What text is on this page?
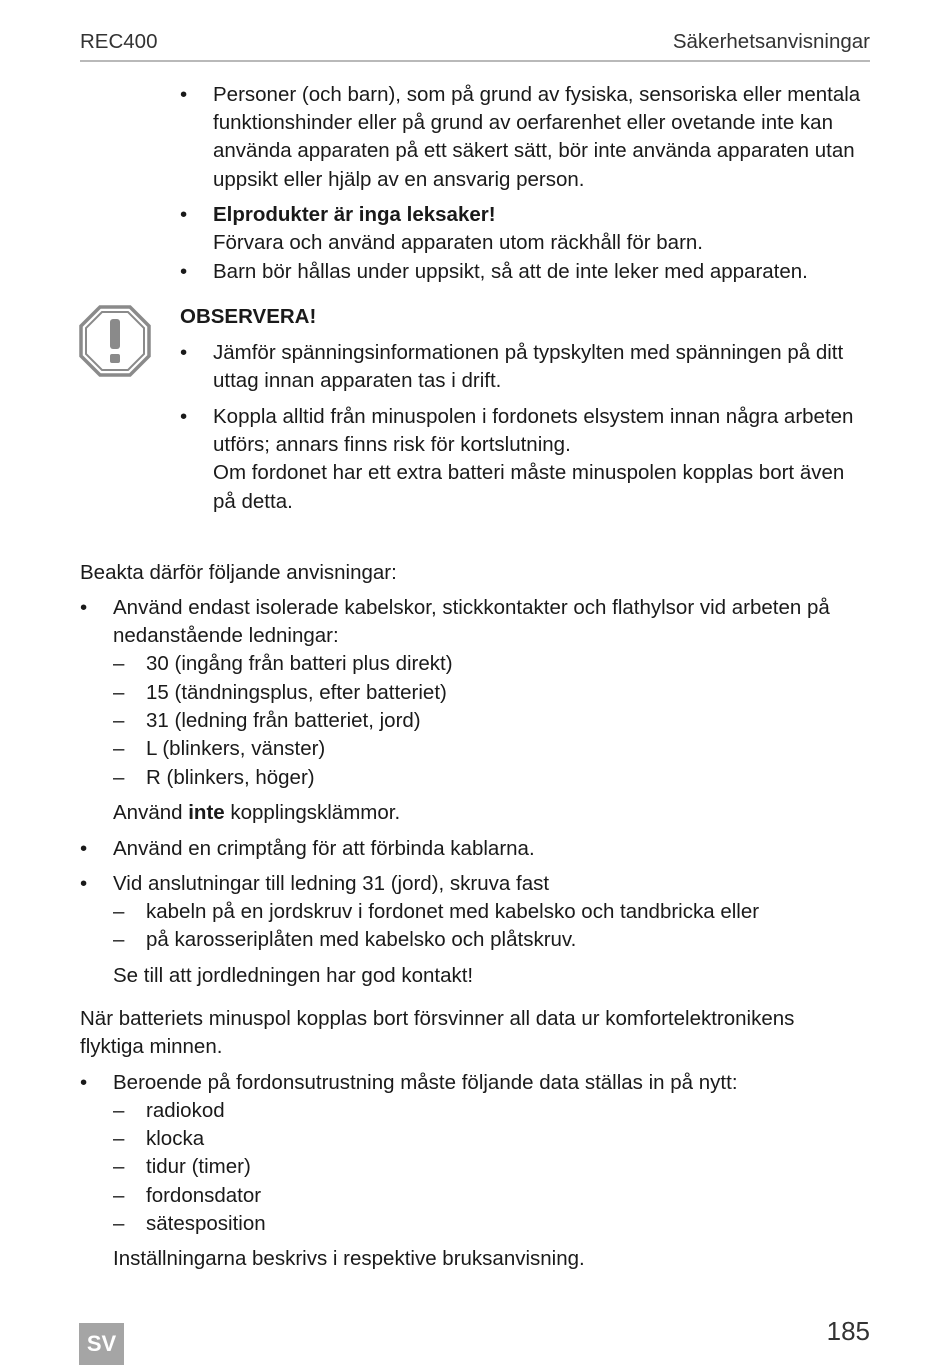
REC400	Säkerhetsanvisningar
• Personer (och barn), som på grund av fysiska, sensoriska eller mentala
funktionshinder eller på grund av oerfarenhet eller ovetande inte kan
använda apparaten på ett säkert sätt, bör inte använda apparaten utan
uppsikt eller hjälp av en ansvarig person.
• Elprodukter är inga leksaker!
Förvara och använd apparaten utom räckhåll för barn.
• Barn bör hållas under uppsikt, så att de inte leker med apparaten.
OBSERVERA!
• Jämför spänningsinformationen på typskylten med spänningen på ditt
uttag innan apparaten tas i drift.
• Koppla alltid från minuspolen i fordonets elsystem innan några arbeten
utförs; annars finns risk för kortslutning.
Om fordonet har ett extra batteri måste minuspolen kopplas bort även
på detta.
Beakta därför följande anvisningar:
• Använd endast isolerade kabelskor, stickkontakter och flathylsor vid arbeten på
nedanstående ledningar:
– 30 (ingång från batteri plus direkt)
– 15 (tändningsplus, efter batteriet)
– 31 (ledning från batteriet, jord)
– L (blinkers, vänster)
– R (blinkers, höger)
Använd inte kopplingsklämmor.
• Använd en crimptång för att förbinda kablarna.
• Vid anslutningar till ledning 31 (jord), skruva fast
– kabeln på en jordskruv i fordonet med kabelsko och tandbricka eller
– på karosseriplåten med kabelsko och plåtskruv.
Se till att jordledningen har god kontakt!
När batteriets minuspol kopplas bort försvinner all data ur komfortelektronikens
flyktiga minnen.
• Beroende på fordonsutrustning måste följande data ställas in på nytt:
– radiokod
– klocka
– tidur (timer)
– fordonsdator
– sätesposition
Inställningarna beskrivs i respektive bruksanvisning.
SV	185
